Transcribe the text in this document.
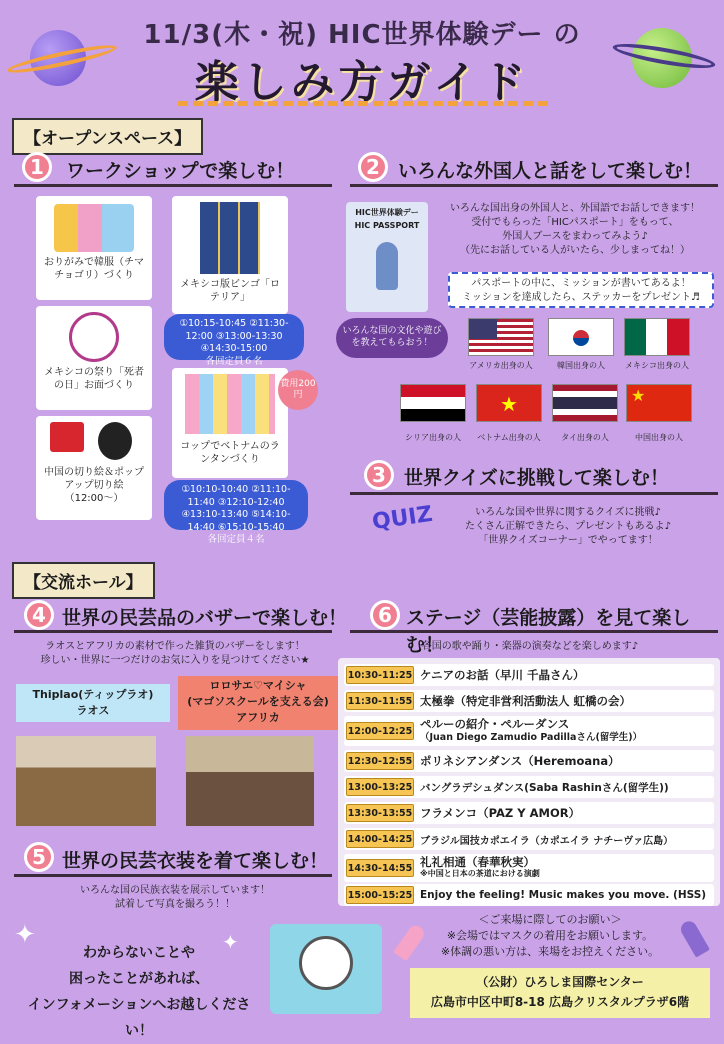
11/3(木・祝) HIC世界体験デー の
楽しみ方ガイド
【オープンスペース】
1	ワークショップで楽しむ！
おりがみで韓服（チマチョゴリ）づくり
メキシコの祭り「死者の日」お面づくり
中国の切り絵＆ポップアップ切り絵（12:00〜）
メキシコ版ビンゴ「ロテリア」
①10:15-10:45 ②11:30-12:00 ③13:00-13:30 ④14:30-15:00
各回定員６名
コップでベトナムのランタンづくり
費用200円
①10:10-10:40 ②11:10-11:40 ③12:10-12:40 ④13:10-13:40 ⑤14:10-14:40 ⑥15:10-15:40
各回定員４名
2 いろんな外国人と話をして楽しむ！
HIC世界体験デー HIC PASSPORT
いろんな国出身の外国人と、外国語でお話しできます！
受付でもらった「HICパスポート」をもって、
外国人ブースをまわってみよう♪
（先にお話している人がいたら、少しまってね！）
パスポートの中に、ミッションが書いてあるよ！
ミッションを達成したら、ステッカーをプレゼント♬
いろんな国の文化や遊びを教えてもらおう！
アメリカ出身の人	韓国出身の人	メキシコ出身の人
シリア出身の人
★
ベトナム出身の人	タイ出身の人
★
中国出身の人
3 世界クイズに挑戦して楽しむ！
QUIZ	いろんな国や世界に関するクイズに挑戦♪
たくさん正解できたら、プレゼントもあるよ♪
「世界クイズコーナー」でやってます！
【交流ホール】
4 世界の民芸品のバザーで楽しむ！
ラオスとアフリカの素材で作った雑貨のバザーをします！
珍しい・世界に一つだけのお気に入りを見つけてください★
Thiplao(ティップラオ)
ラオス
ロロサエ♡マイシャ
(マゴソスクールを支える会)
アフリカ
5 世界の民芸衣装を着て楽しむ！
いろんな国の民族衣装を展示しています！
試着して写真を撮ろう！！
6 ステージ（芸能披露）を見て楽しむ！
各国の歌や踊り・楽器の演奏などを楽しめます♪
10:30-11:25 ケニアのお話（早川 千晶さん）
11:30-11:55 太極拳（特定非営利活動法人 虹橋の会）
12:00-12:25 ペルーの紹介・ペルーダンス
（Juan Diego Zamudio Padillaさん(留学生)）
12:30-12:55 ポリネシアンダンス（Heremoana）
13:00-13:25 バングラデシュダンス(Saba Rashinさん(留学生))
13:30-13:55 フラメンコ（PAZ Y AMOR）
14:00-14:25 ブラジル国技カポエイラ（カポエイラ ナチーヴァ広島）
14:30-14:55 礼礼相通（春華秋実）
※中国と日本の茶道における演劇
15:00-15:25 Enjoy the feeling! Music makes you move. (HSS)
✦	✦
わからないことや
困ったことがあれば、
インフォメーションへお越しください！
＜ご来場に際してのお願い＞
※会場ではマスクの着用をお願いします。
※体調の悪い方は、来場をお控えください。
（公財）ひろしま国際センター
広島市中区中町8-18 広島クリスタルプラザ6階
